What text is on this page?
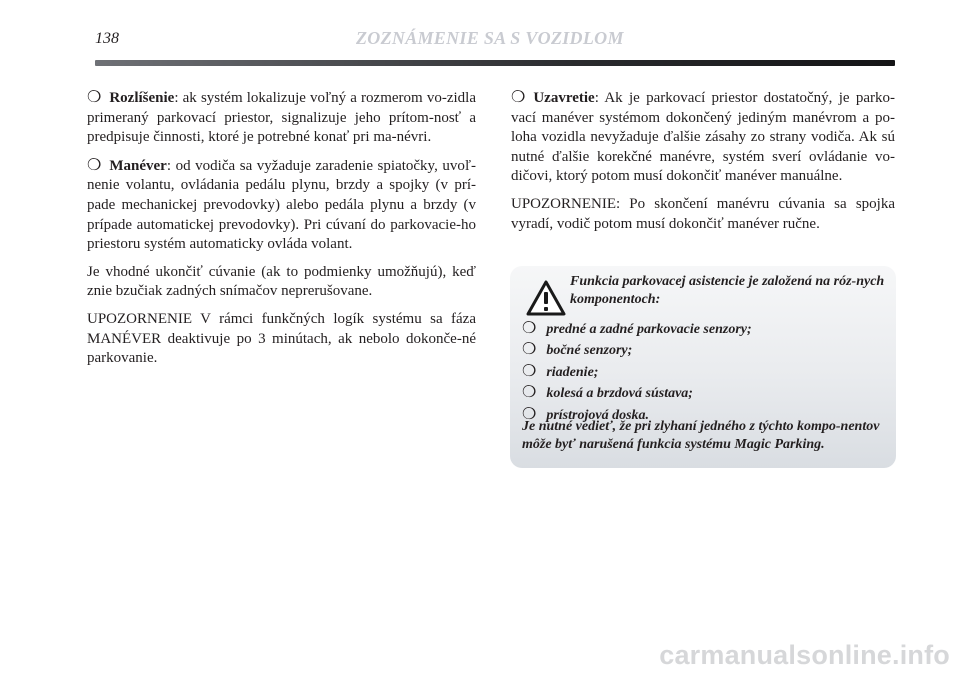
138	ZOZNÁMENIE SA S VOZIDLOM

❍ Rozlíšenie: ak systém lokalizuje voľný a rozmerom vo-zidla primeraný parkovací priestor, signalizuje jeho prítom-nosť a predpisuje činnosti, ktoré je potrebné konať pri ma-névri.

❍ Manéver: od vodiča sa vyžaduje zaradenie spiatočky, uvoľ-nenie volantu, ovládania pedálu plynu, brzdy a spojky (v prí-pade mechanickej prevodovky) alebo pedála plynu a brzdy (v prípade automatickej prevodovky). Pri cúvaní do parkovacie-ho priestoru systém automaticky ovláda volant.

Je vhodné ukončiť cúvanie (ak to podmienky umožňujú), keď znie bzučiak zadných snímačov neprerušovane.

UPOZORNENIE V rámci funkčných logík systému sa fáza MANÉVER deaktivuje po 3 minútach, ak nebolo dokonče-né parkovanie.

❍ Uzavretie: Ak je parkovací priestor dostatočný, je parko-vací manéver systémom dokončený jediným manévrom a po-loha vozidla nevyžaduje ďalšie zásahy zo strany vodiča. Ak sú nutné ďalšie korekčné manévre, systém sverí ovládanie vo-dičovi, ktorý potom musí dokončiť manéver manuálne.

UPOZORNENIE: Po skončení manévru cúvania sa spojka vyradí, vodič potom musí dokončiť manéver ručne.

Funkcia parkovacej asistencie je založená na róz-nych komponentoch:
❍ predné a zadné parkovacie senzory;
❍ bočné senzory;
❍ riadenie;
❍ kolesá a brzdová sústava;
❍ prístrojová doska.
Je nutné vedieť, že pri zlyhaní jedného z týchto kompo-nentov môže byť narušená funkcia systému Magic Parking.
carmanualsonline.info
